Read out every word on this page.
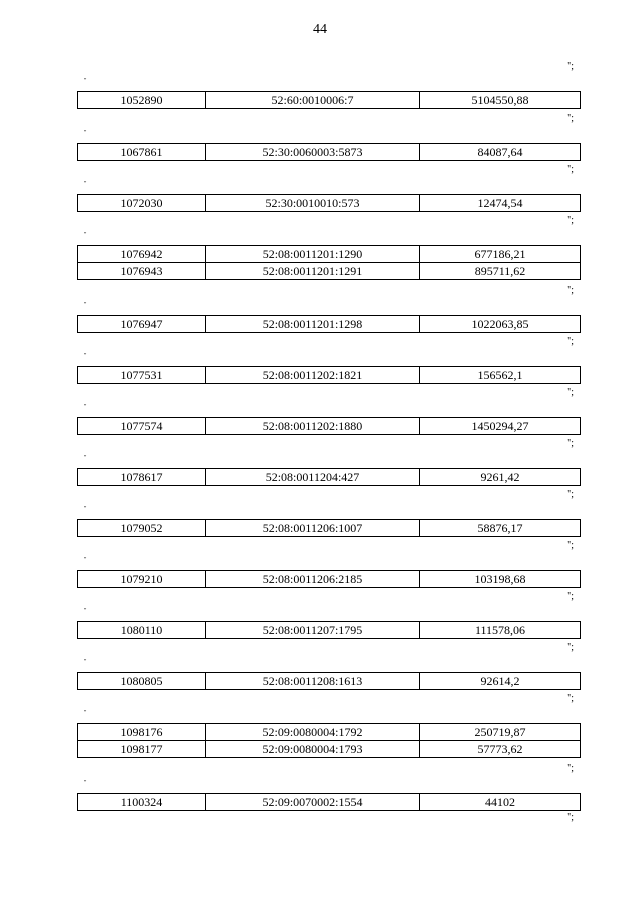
44
";
"
1052890	52:60:0010006:7	5104550,88
";
"
1067861	52:30:0060003:5873	84087,64
";
"
1072030	52:30:0010010:573	12474,54
";
"
1076942	52:08:0011201:1290	677186,21
1076943	52:08:0011201:1291	895711,62
";
"
1076947	52:08:0011201:1298	1022063,85
";
"
1077531	52:08:0011202:1821	156562,1
";
"
1077574	52:08:0011202:1880	1450294,27
";
"
1078617	52:08:0011204:427	9261,42
";
"
1079052	52:08:0011206:1007	58876,17
";
"
1079210	52:08:0011206:2185	103198,68
";
"
1080110	52:08:0011207:1795	111578,06
";
"
1080805	52:08:0011208:1613	92614,2
";
"
1098176	52:09:0080004:1792	250719,87
1098177	52:09:0080004:1793	57773,62
";
"
1100324	52:09:0070002:1554	44102
";
